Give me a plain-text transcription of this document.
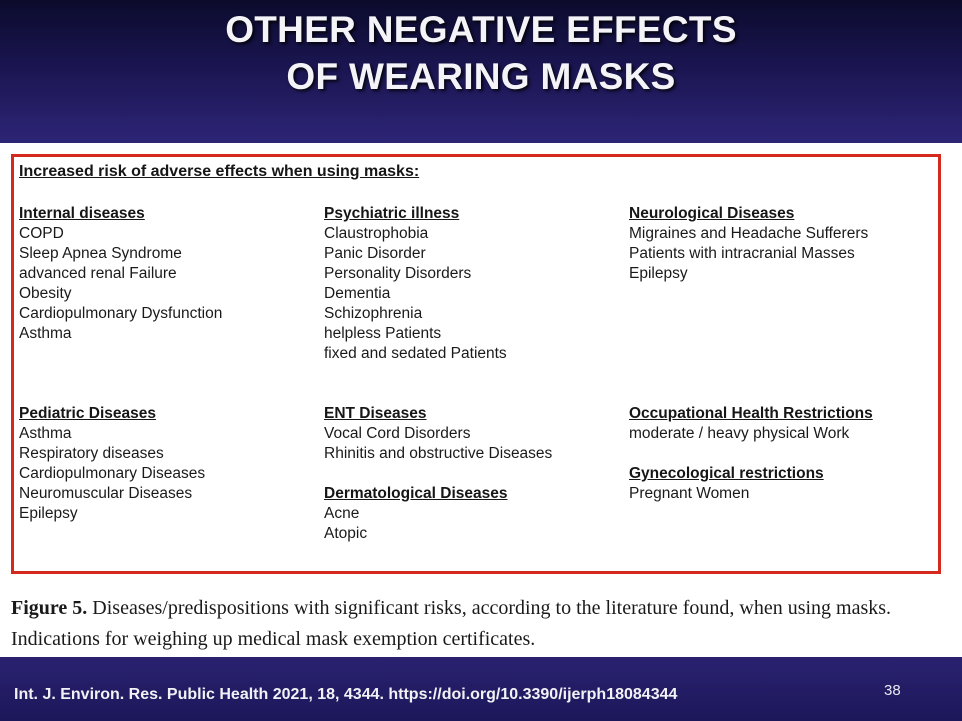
OTHER NEGATIVE EFFECTS
OF WEARING MASKS
Increased risk of adverse effects when using masks:
Internal diseases
COPD
Sleep Apnea Syndrome
advanced renal Failure
Obesity
Cardiopulmonary Dysfunction
Asthma
Psychiatric illness
Claustrophobia
Panic Disorder
Personality Disorders
Dementia
Schizophrenia
helpless Patients
fixed and sedated Patients
Neurological Diseases
Migraines and Headache Sufferers
Patients with intracranial Masses
Epilepsy
Pediatric Diseases
Asthma
Respiratory diseases
Cardiopulmonary Diseases
Neuromuscular Diseases
Epilepsy
ENT Diseases
Vocal Cord Disorders
Rhinitis and obstructive Diseases
Occupational Health Restrictions
moderate / heavy physical Work
Dermatological Diseases
Acne
Atopic
Gynecological restrictions
Pregnant Women
Figure 5. Diseases/predispositions with significant risks, according to the literature found, when using masks. Indications for weighing up medical mask exemption certificates.
Int. J. Environ. Res. Public Health 2021, 18, 4344. https://doi.org/10.3390/ijerph18084344	38
